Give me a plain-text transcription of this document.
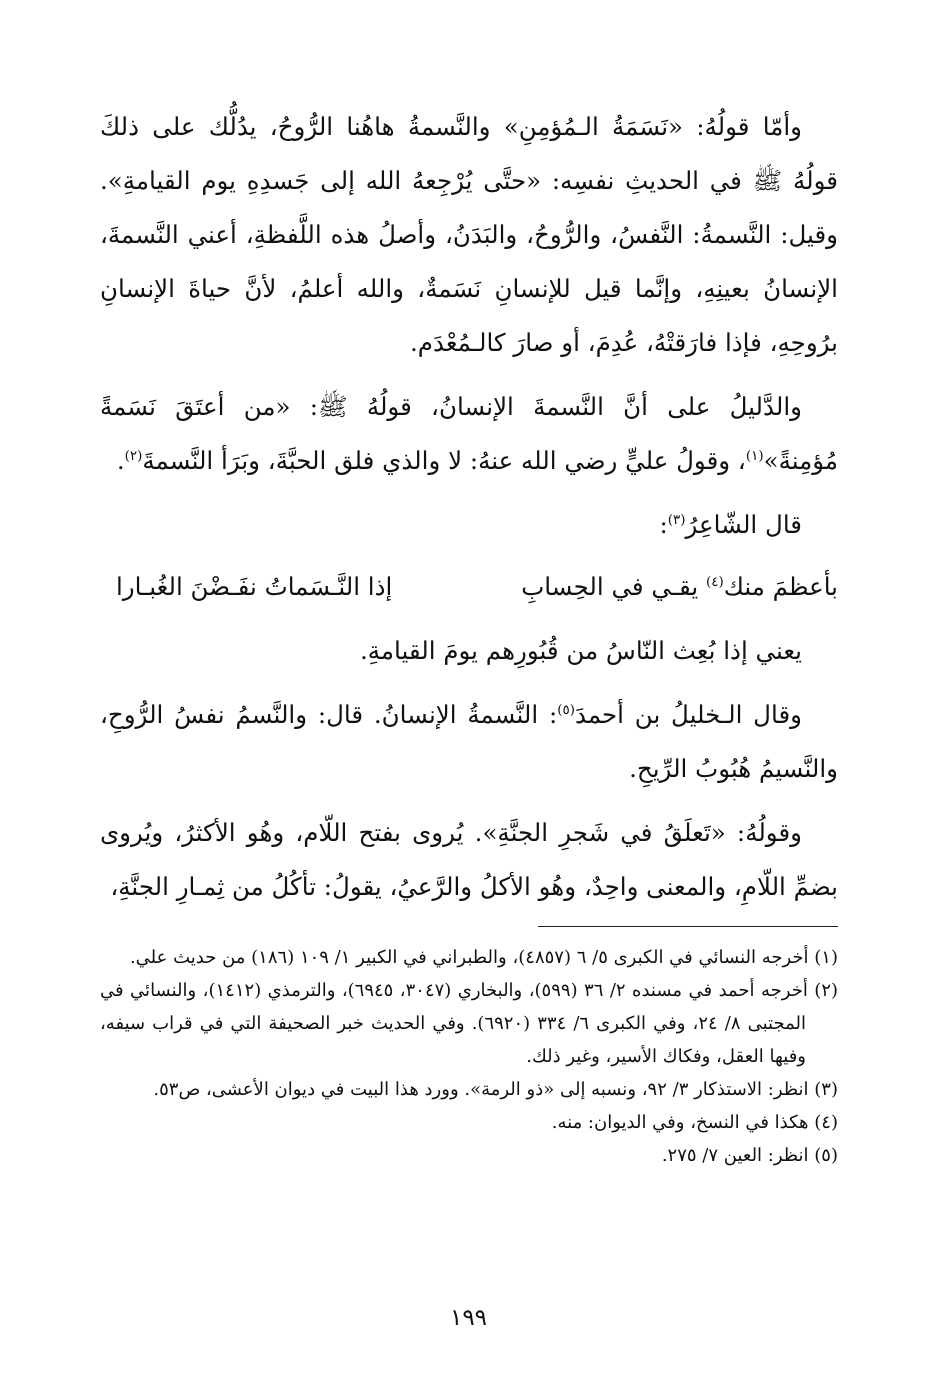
وأمّا قولُهُ: «نَسَمَةُ الـمُؤمِنِ» والنَّسمةُ هاهُنا الرُّوحُ، يدُلُّك على ذلكَ قولُهُ ﷺ في الحديثِ نفسِه: «حتَّى يُرْجِعهُ الله إلى جَسدِهِ يوم القيامةِ». وقيل: النَّسمةُ: النَّفسُ، والرُّوحُ، والبَدَنُ، وأصلُ هذه اللَّفظةِ، أعني النَّسمةَ، الإنسانُ بعينِهِ، وإنَّما قيل للإنسانِ نَسَمةٌ، والله أعلمُ، لأنَّ حياةَ الإنسانِ برُوحِهِ، فإذا فارَقتْهُ، عُدِمَ، أو صارَ كالـمُعْدَم.

والدَّليلُ على أنَّ النَّسمةَ الإنسانُ، قولُهُ ﷺ: «من أعتَقَ نَسَمةً مُؤمِنةً»$^{(١)}$، وقولُ عليٍّ رضي الله عنهُ: لا والذي فلق الحبَّةَ، وبَرَأ النَّسمةَ$^{(٢)}$.

قال الشّاعِرُ$^{(٣)}$:

بأعظمَ منك$^{(٤)}$ يقـي في الحِسابِ
إذا النَّـسَماتُ نفَـضْنَ الغُبـارا

يعني إذا بُعِث النّاسُ من قُبُورِهم يومَ القيامةِ.

وقال الـخليلُ بن أحمدَ$^{(٥)}$: النَّسمةُ الإنسانُ. قال: والنَّسمُ نفسُ الرُّوحِ، والنَّسيمُ هُبُوبُ الرِّيحِ.

وقولُهُ: «تَعلَقُ في شَجرِ الجنَّةِ». يُروى بفتح اللّام، وهُو الأكثرُ، ويُروى بضمِّ اللّامِ، والمعنى واحِدٌ، وهُو الأكلُ والرَّعيُ، يقولُ: تأكُلُ من ثِمـارِ الجنَّةِ،

(١) أخرجه النسائي في الكبرى ٥/ ٦ (٤٨٥٧)، والطبراني في الكبير ١/ ١٠٩ (١٨٦) من حديث علي.

(٢) أخرجه أحمد في مسنده ٢/ ٣٦ (٥٩٩)، والبخاري (٣٠٤٧، ٦٩٤٥)، والترمذي (١٤١٢)، والنسائي في المجتبى ٨/ ٢٤، وفي الكبرى ٦/ ٣٣٤ (٦٩٢٠). وفي الحديث خبر الصحيفة التي في قراب سيفه، وفيها العقل، وفكاك الأسير، وغير ذلك.

(٣) انظر: الاستذكار ٣/ ٩٢، ونسبه إلى «ذو الرمة». وورد هذا البيت في ديوان الأعشى، ص٥٣.

(٤) هكذا في النسخ، وفي الديوان: منه.

(٥) انظر: العين ٧/ ٢٧٥.

١٩٩
